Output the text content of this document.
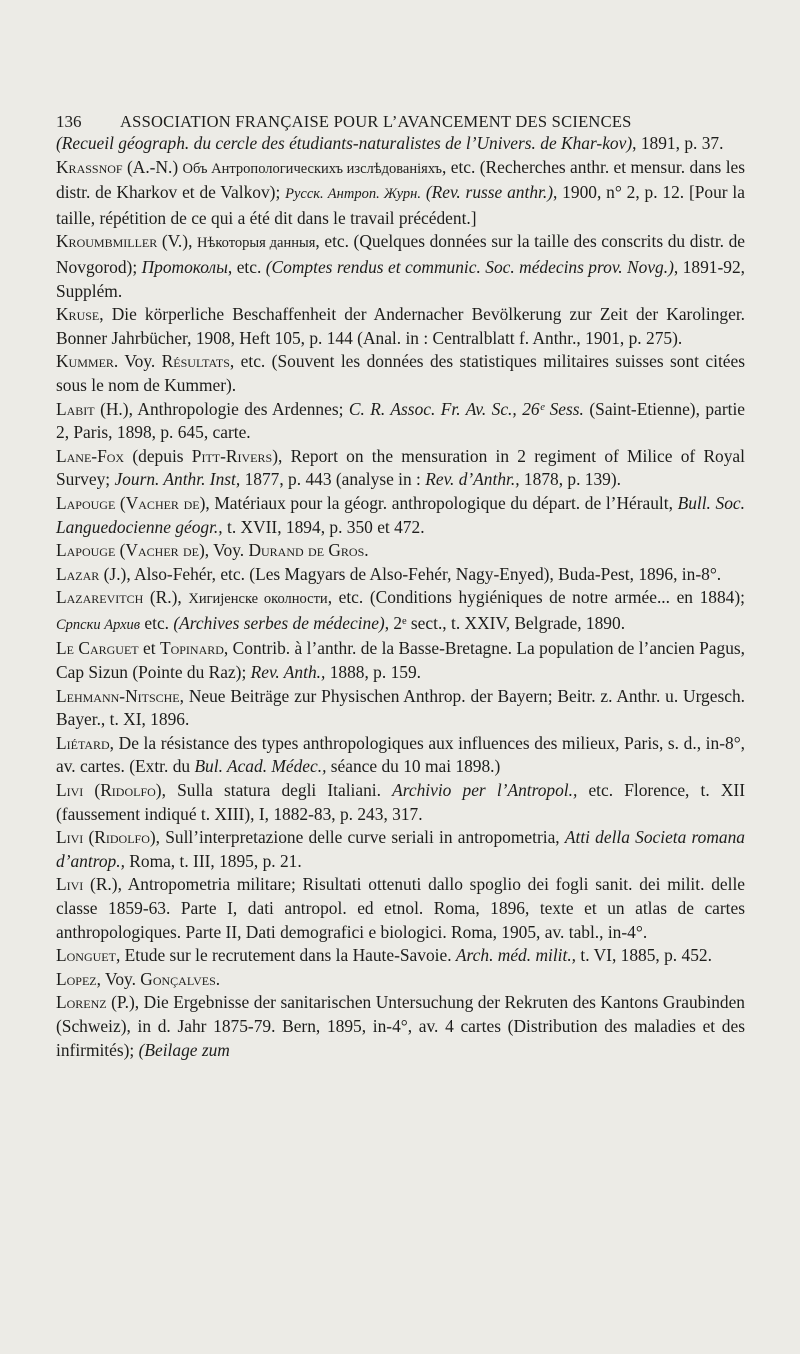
136	ASSOCIATION FRANÇAISE POUR L’AVANCEMENT DES SCIENCES

(Recueil géograph. du cercle des étudiants-naturalistes de l’Univers. de Khar-kov), 1891, p. 37.

Krassnof (A.-N.) Объ Антропологическихъ изслѣдованіяхъ, etc. (Recherches anthr. et mensur. dans les distr. de Kharkov et de Valkov); Русск. Антроп. Журн. (Rev. russe anthr.), 1900, n° 2, p. 12. [Pour la taille, répétition de ce qui a été dit dans le travail précédent.]

Kroumbmiller (V.), Нѣкоторыя данныя, etc. (Quelques données sur la taille des conscrits du distr. de Novgorod); Протоколы, etc. (Comptes rendus et communic. Soc. médecins prov. Novg.), 1891-92, Supplém.

Kruse, Die körperliche Beschaffenheit der Andernacher Bevölkerung zur Zeit der Karolinger. Bonner Jahrbücher, 1908, Heft 105, p. 144 (Anal. in : Centralblatt f. Anthr., 1901, p. 275).

Kummer. Voy. Résultats, etc. (Souvent les données des statistiques militaires suisses sont citées sous le nom de Kummer).

Labit (H.), Anthropologie des Ardennes; C. R. Assoc. Fr. Av. Sc., 26ᵉ Sess. (Saint-Etienne), partie 2, Paris, 1898, p. 645, carte.

Lane-Fox (depuis Pitt-Rivers), Report on the mensuration in 2 regiment of Milice of Royal Survey; Journ. Anthr. Inst, 1877, p. 443 (analyse in : Rev. d’Anthr., 1878, p. 139).

Lapouge (Vacher de), Matériaux pour la géogr. anthropologique du départ. de l’Hérault, Bull. Soc. Languedocienne géogr., t. XVII, 1894, p. 350 et 472.

Lapouge (Vacher de), Voy. Durand de Gros.

Lazar (J.), Also-Fehér, etc. (Les Magyars de Also-Fehér, Nagy-Enyed), Buda-Pest, 1896, in-8°.

Lazarevitch (R.), Хигијенске околности, etc. (Conditions hygiéniques de notre armée... en 1884); Српски Архив etc. (Archives serbes de médecine), 2ᵉ sect., t. XXIV, Belgrade, 1890.

Le Carguet et Topinard, Contrib. à l’anthr. de la Basse-Bretagne. La population de l’ancien Pagus, Cap Sizun (Pointe du Raz); Rev. Anth., 1888, p. 159.

Lehmann-Nitsche, Neue Beiträge zur Physischen Anthrop. der Bayern; Beitr. z. Anthr. u. Urgesch. Bayer., t. XI, 1896.

Liétard, De la résistance des types anthropologiques aux influences des milieux, Paris, s. d., in-8°, av. cartes. (Extr. du Bul. Acad. Médec., séance du 10 mai 1898.)

Livi (Ridolfo), Sulla statura degli Italiani. Archivio per l’Antropol., etc. Florence, t. XII (faussement indiqué t. XIII), I, 1882-83, p. 243, 317.

Livi (Ridolfo), Sull’interpretazione delle curve seriali in antropometria, Atti della Societa romana d’antrop., Roma, t. III, 1895, p. 21.

Livi (R.), Antropometria militare; Risultati ottenuti dallo spoglio dei fogli sanit. dei milit. delle classe 1859-63. Parte I, dati antropol. ed etnol. Roma, 1896, texte et un atlas de cartes anthropologiques. Parte II, Dati demografici e biologici. Roma, 1905, av. tabl., in-4°.

Longuet, Etude sur le recrutement dans la Haute-Savoie. Arch. méd. milit., t. VI, 1885, p. 452.

Lopez, Voy. Gonçalves.

Lorenz (P.), Die Ergebnisse der sanitarischen Untersuchung der Rekruten des Kantons Graubinden (Schweiz), in d. Jahr 1875-79. Bern, 1895, in-4°, av. 4 cartes (Distribution des maladies et des infirmités); (Beilage zum
